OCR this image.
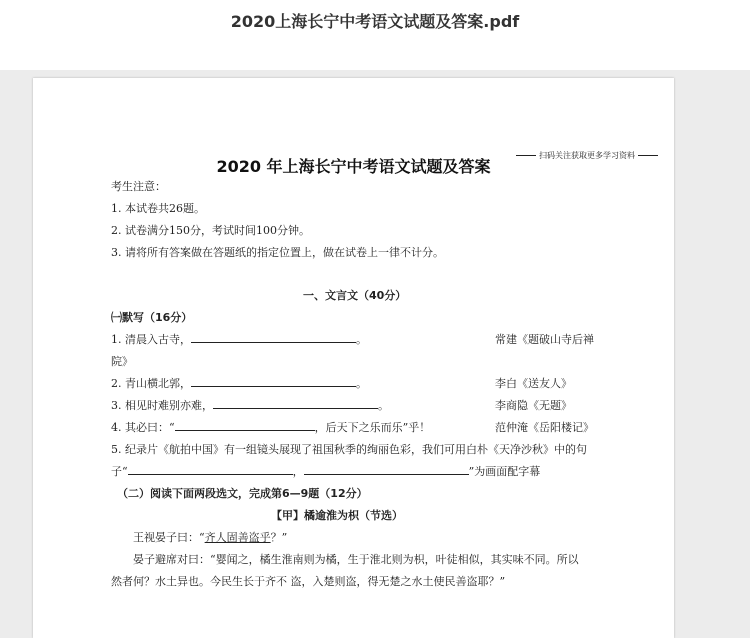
2020上海长宁中考语文试题及答案.pdf
扫码关注获取更多学习资料
2020 年上海长宁中考语文试题及答案
考生注意：
1. 本试卷共26题。
2. 试卷满分150分，考试时间100分钟。
3. 请将所有答案做在答题纸的指定位置上，做在试卷上一律不计分。
一、文言文（40分）
㈠默写（16分）
1. 清晨入古寺，	。	常建《题破山寺后禅
院》
2. 青山横北郭，	。	李白《送友人》
3. 相见时难别亦难，	。	李商隐《无题》
4. 其必曰：“	，后天下之乐而乐”乎！	范仲淹《岳阳楼记》
5. 纪录片《航拍中国》有一组镜头展现了祖国秋季的绚丽色彩，我们可用白朴《天净沙秋》中的句
子“	，	”为画面配字幕
（二）阅读下面两段选文，完成第6—9题（12分）
【甲】橘逾淮为枳（节选）
王视晏子曰：“齐人固善盗乎？”
晏子避席对曰：“婴闻之，橘生淮南则为橘，生于淮北则为枳，叶徒相似，其实味不同。所以
然者何？水土异也。今民生长于齐不 盗，入楚则盗，得无楚之水土使民善盗耶？”
